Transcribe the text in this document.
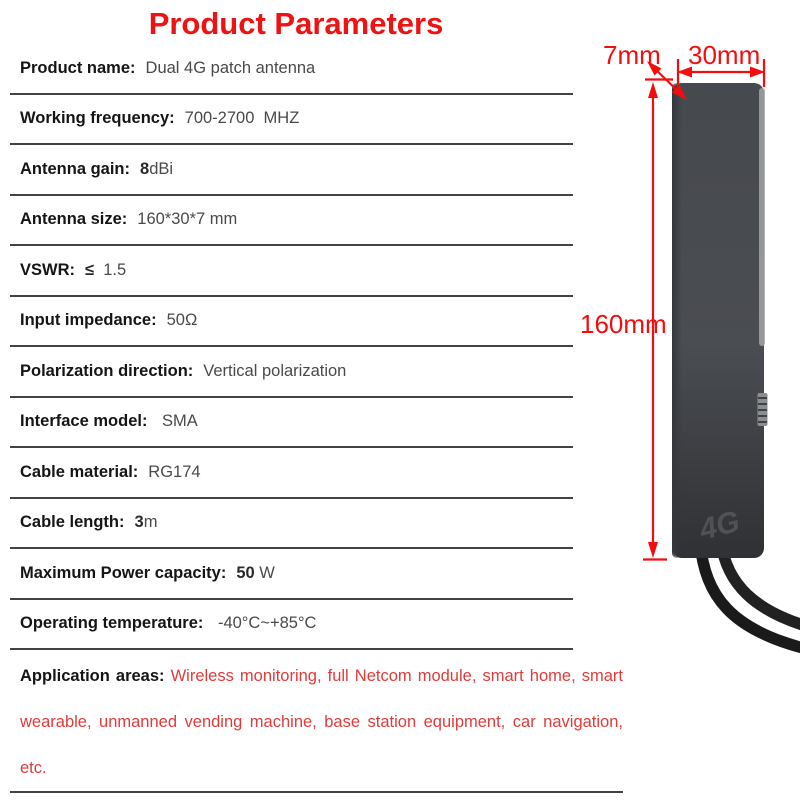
Product Parameters
Product name: Dual 4G patch antenna
Working frequency: 700-2700  MHZ
Antenna gain: 8dBi
Antenna size: 160*30*7 mm
VSWR: ≤  1.5
Input impedance: 50Ω
Polarization direction: Vertical polarization
Interface model: SMA
Cable material: RG174
Cable length: 3m
Maximum Power capacity: 50 W
Operating temperature: -40°C~+85°C
Application areas: Wireless monitoring, full Netcom module, smart home, smart wearable, unmanned vending machine, base station equipment, car navigation, etc.
4G
7mm 30mm
160mm
